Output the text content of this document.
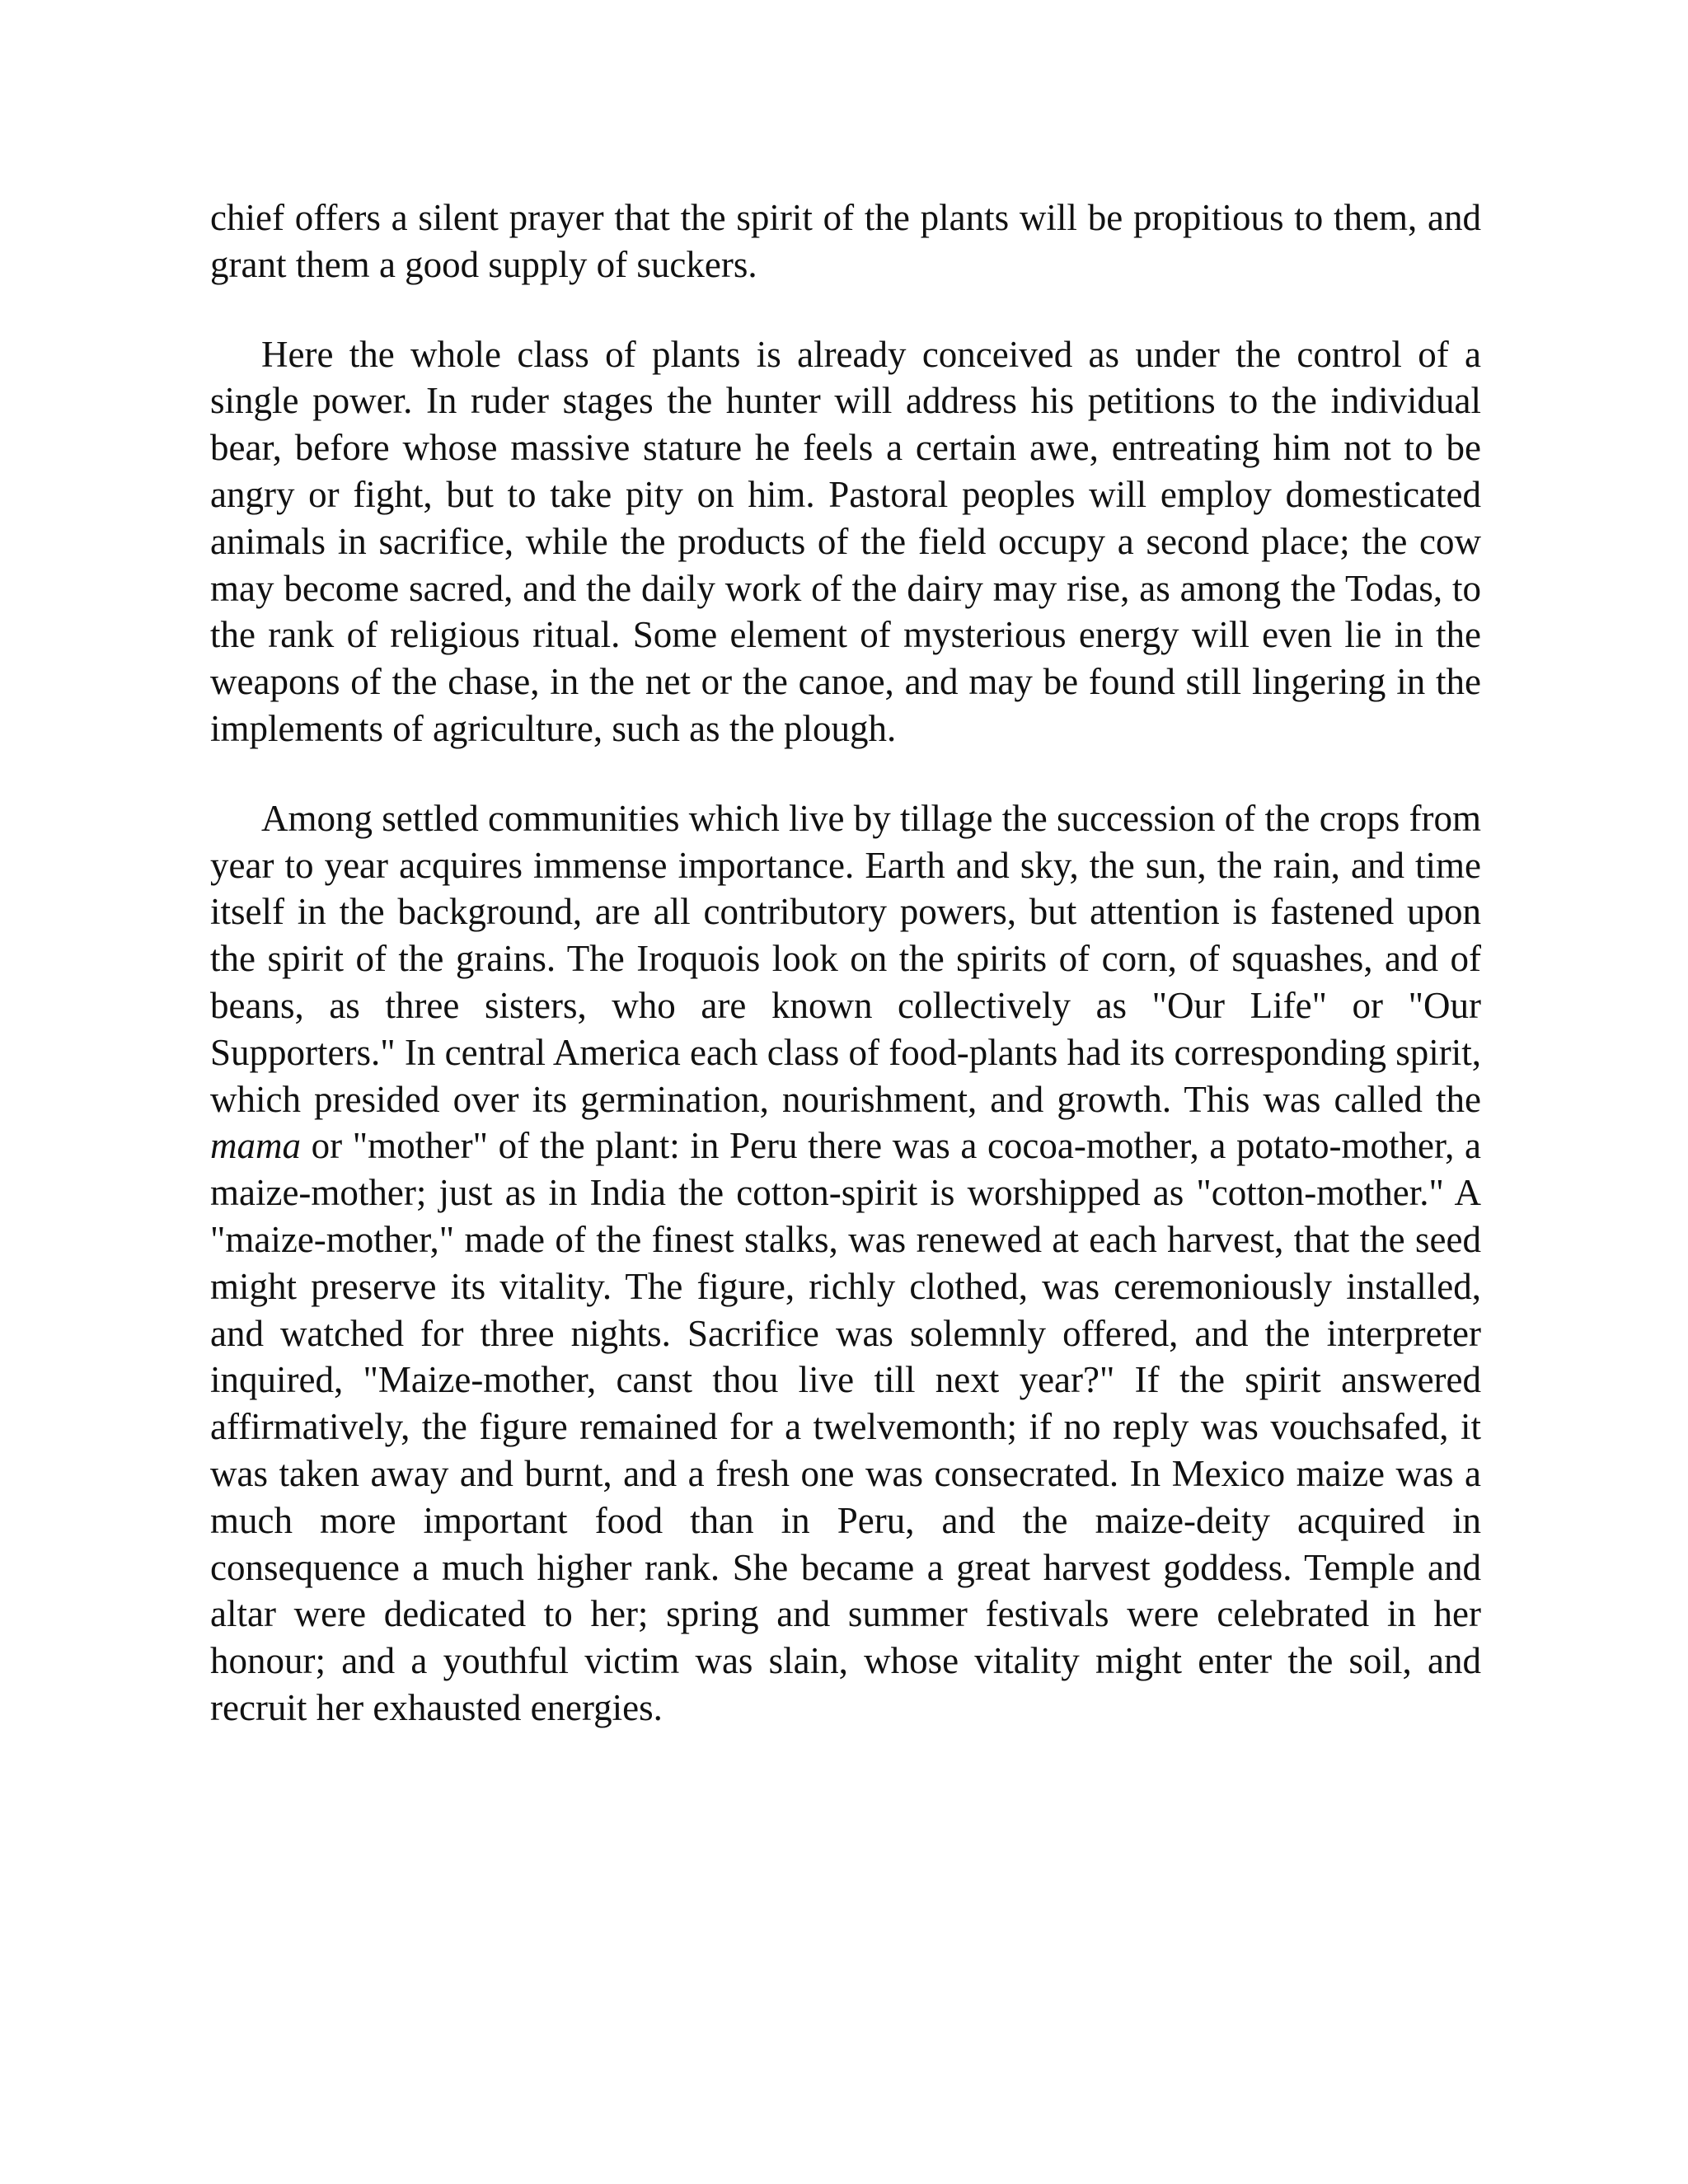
chief offers a silent prayer that the spirit of the plants will be propitious to them, and grant them a good supply of suckers.

Here the whole class of plants is already conceived as under the control of a single power. In ruder stages the hunter will address his petitions to the individual bear, before whose massive stature he feels a certain awe, entreating him not to be angry or fight, but to take pity on him. Pastoral peoples will employ domesticated animals in sacrifice, while the products of the field occupy a second place; the cow may become sacred, and the daily work of the dairy may rise, as among the Todas, to the rank of religious ritual. Some element of mysterious energy will even lie in the weapons of the chase, in the net or the canoe, and may be found still lingering in the implements of agriculture, such as the plough.

Among settled communities which live by tillage the succession of the crops from year to year acquires immense importance. Earth and sky, the sun, the rain, and time itself in the background, are all contributory powers, but attention is fastened upon the spirit of the grains. The Iroquois look on the spirits of corn, of squashes, and of beans, as three sisters, who are known collectively as "Our Life" or "Our Supporters." In central America each class of food-plants had its corresponding spirit, which presided over its germination, nourishment, and growth. This was called the mama or "mother" of the plant: in Peru there was a cocoa-mother, a potato-mother, a maize-mother; just as in India the cotton-spirit is worshipped as "cotton-mother." A "maize-mother," made of the finest stalks, was renewed at each harvest, that the seed might preserve its vitality. The figure, richly clothed, was ceremoniously installed, and watched for three nights. Sacrifice was solemnly offered, and the interpreter inquired, "Maize-mother, canst thou live till next year?" If the spirit answered affirmatively, the figure remained for a twelvemonth; if no reply was vouchsafed, it was taken away and burnt, and a fresh one was consecrated. In Mexico maize was a much more important food than in Peru, and the maize-deity acquired in consequence a much higher rank. She became a great harvest goddess. Temple and altar were dedicated to her; spring and summer festivals were celebrated in her honour; and a youthful victim was slain, whose vitality might enter the soil, and recruit her exhausted energies.
